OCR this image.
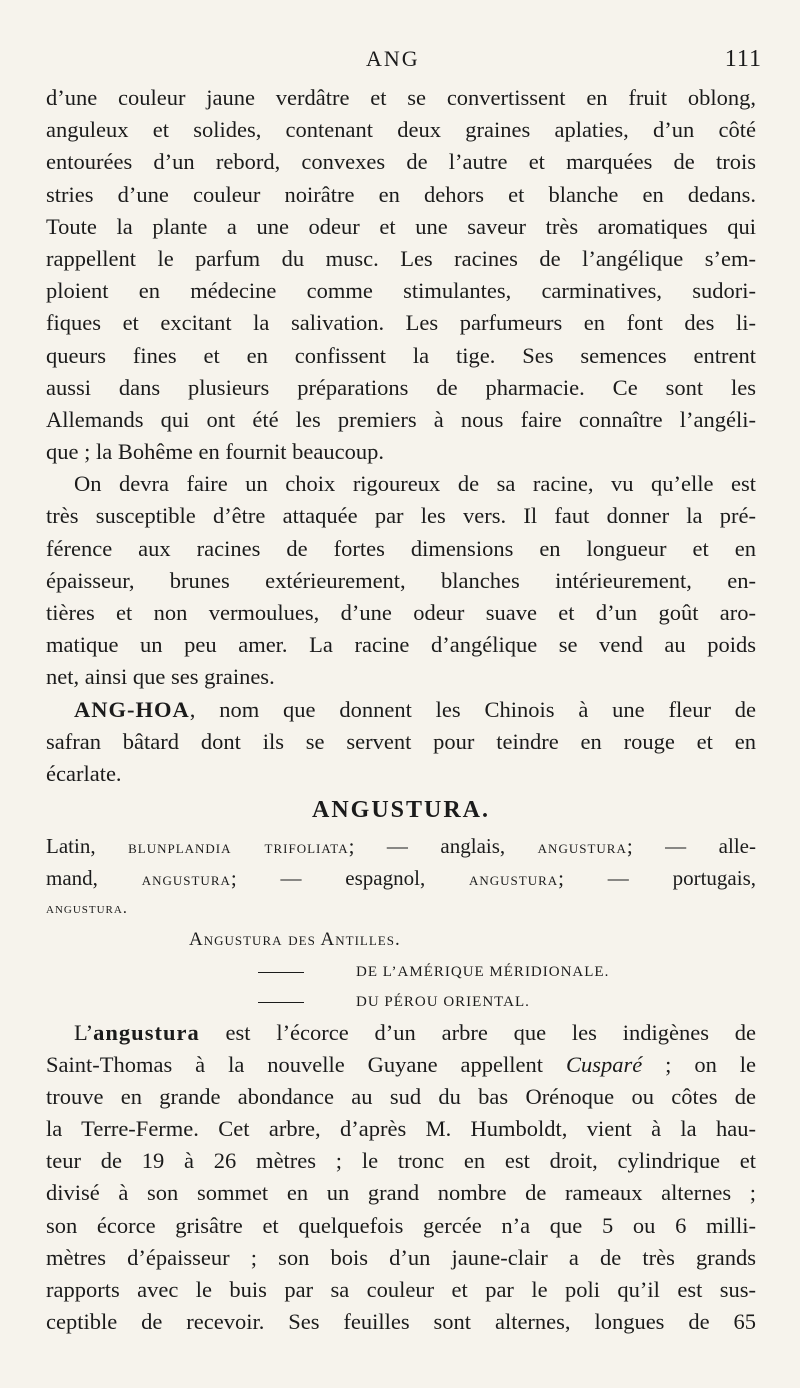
ANG	111
d’une couleur jaune verdâtre et se convertissent en fruit oblong,
anguleux et solides, contenant deux graines aplaties, d’un côté
entourées d’un rebord, convexes de l’autre et marquées de trois
stries d’une couleur noirâtre en dehors et blanche en dedans.
Toute la plante a une odeur et une saveur très aromatiques qui
rappellent le parfum du musc. Les racines de l’angélique s’em-
ploient en médecine comme stimulantes, carminatives, sudori-
fiques et excitant la salivation. Les parfumeurs en font des li-
queurs fines et en confissent la tige. Ses semences entrent
aussi dans plusieurs préparations de pharmacie. Ce sont les
Allemands qui ont été les premiers à nous faire connaître l’angéli-
que ; la Bohême en fournit beaucoup.
On devra faire un choix rigoureux de sa racine, vu qu’elle est
très susceptible d’être attaquée par les vers. Il faut donner la pré-
férence aux racines de fortes dimensions en longueur et en
épaisseur, brunes extérieurement, blanches intérieurement, en-
tières et non vermoulues, d’une odeur suave et d’un goût aro-
matique un peu amer. La racine d’angélique se vend au poids
net, ainsi que ses graines.
ANG-HOA, nom que donnent les Chinois à une fleur de
safran bâtard dont ils se servent pour teindre en rouge et en
écarlate.
ANGUSTURA.
Latin, blunplandia trifoliata; — anglais, angustura; — alle-
mand, angustura; — espagnol, angustura; — portugais,
angustura.
Angustura des Antilles.
DE L’AMÉRIQUE MÉRIDIONALE.
DU PÉROU ORIENTAL.
L’angustura est l’écorce d’un arbre que les indigènes de
Saint-Thomas à la nouvelle Guyane appellent Cusparé ; on le
trouve en grande abondance au sud du bas Orénoque ou côtes de
la Terre-Ferme. Cet arbre, d’après M. Humboldt, vient à la hau-
teur de 19 à 26 mètres ; le tronc en est droit, cylindrique et
divisé à son sommet en un grand nombre de rameaux alternes ;
son écorce grisâtre et quelquefois gercée n’a que 5 ou 6 milli-
mètres d’épaisseur ; son bois d’un jaune-clair a de très grands
rapports avec le buis par sa couleur et par le poli qu’il est sus-
ceptible de recevoir. Ses feuilles sont alternes, longues de 65
